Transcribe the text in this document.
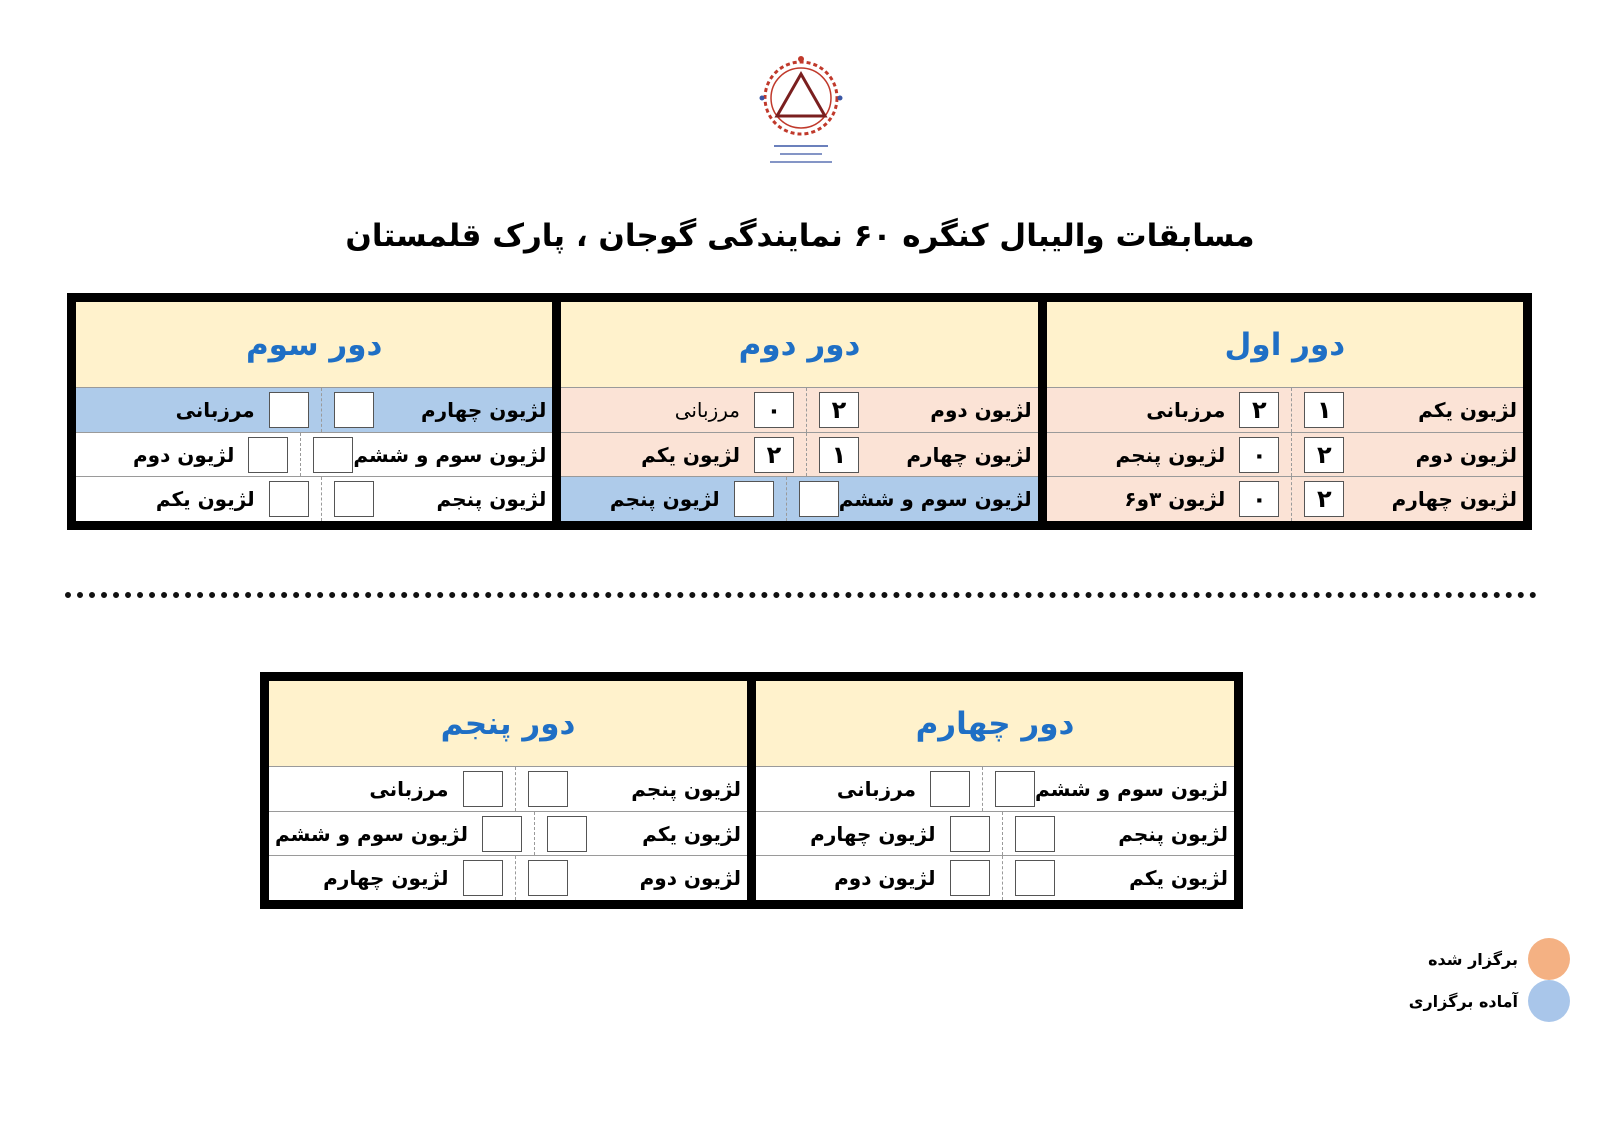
مسابقات والیبال کنگره ۶۰ نمایندگی گوجان ، پارک قلمستان
دور اول
لژیون یکم
۱
۲
مرزبانی
لژیون دوم
۲
۰
لژیون پنجم
لژیون چهارم
۲
۰
لژیون ۳و۶
دور دوم
لژیون دوم
۲
۰
مرزبانی
لژیون چهارم
۱
۲
لژیون یکم
لژیون سوم و ششم
لژیون پنجم
دور سوم
لژیون چهارم
مرزبانی
لژیون سوم و ششم
لژیون دوم
لژیون پنجم
لژیون یکم
دور چهارم
لژیون سوم و ششم
مرزبانی
لژیون پنجم
لژیون چهارم
لژیون یکم
لژیون دوم
دور پنجم
لژیون پنجم
مرزبانی
لژیون یکم
لژیون سوم و ششم
لژیون دوم
لژیون چهارم
برگزار شده
آماده برگزاری
